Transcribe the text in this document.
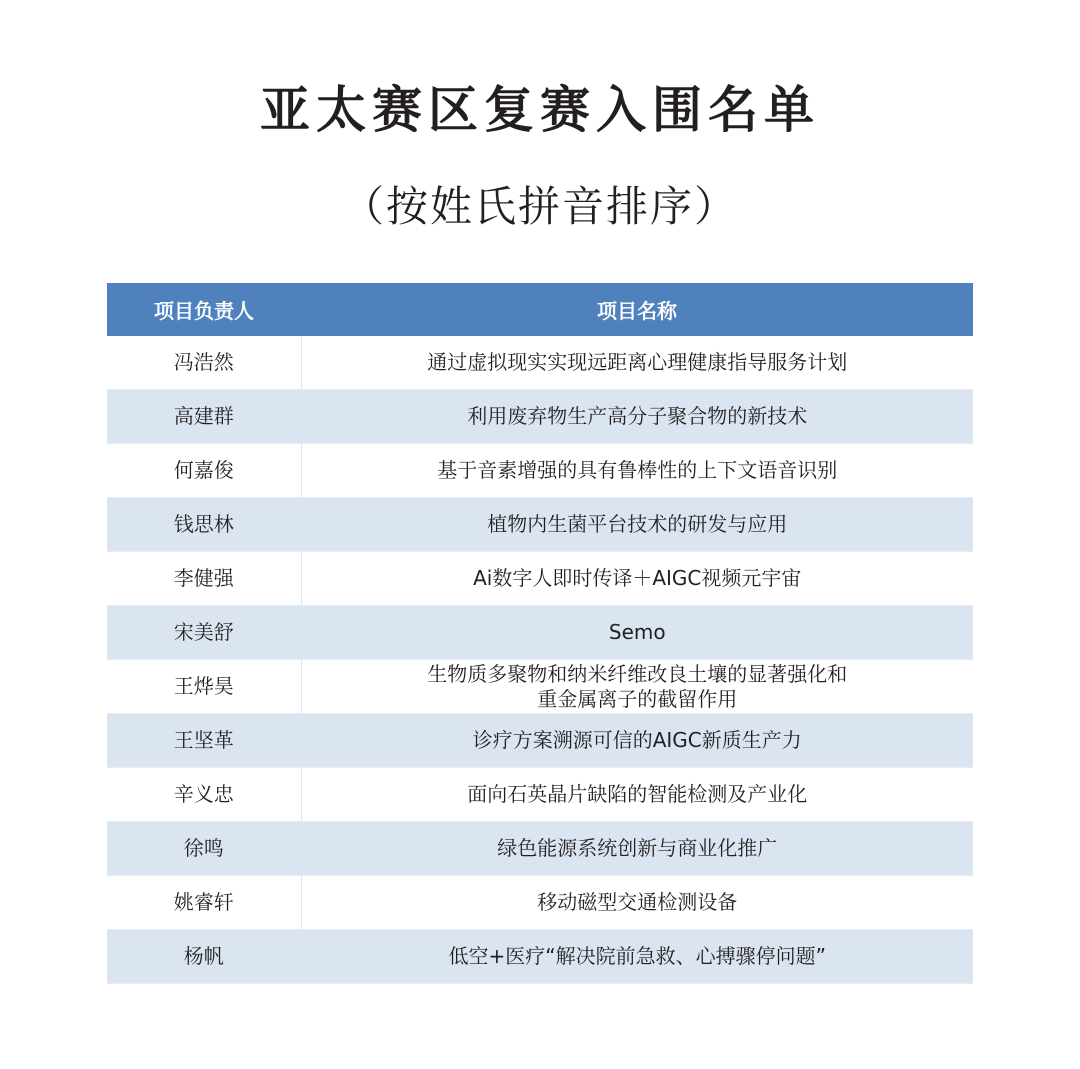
亚太赛区复赛入围名单
（按姓氏拼音排序）
项目负责人	项目名称
冯浩然	通过虚拟现实实现远距离心理健康指导服务计划
高建群	利用废弃物生产高分子聚合物的新技术
何嘉俊	基于音素增强的具有鲁棒性的上下文语音识别
钱思林	植物内生菌平台技术的研发与应用
李健强	Ai数字人即时传译＋AIGC视频元宇宙
宋美舒	Semo
王烨昊	生物质多聚物和纳米纤维改良土壤的显著强化和
重金属离子的截留作用

王坚革	诊疗方案溯源可信的AIGC新质生产力
辛义忠	面向石英晶片缺陷的智能检测及产业化
徐鸣	绿色能源系统创新与商业化推广
姚睿轩	移动磁型交通检测设备
杨帆	低空+医疗“解决院前急救、心搏骤停问题”
